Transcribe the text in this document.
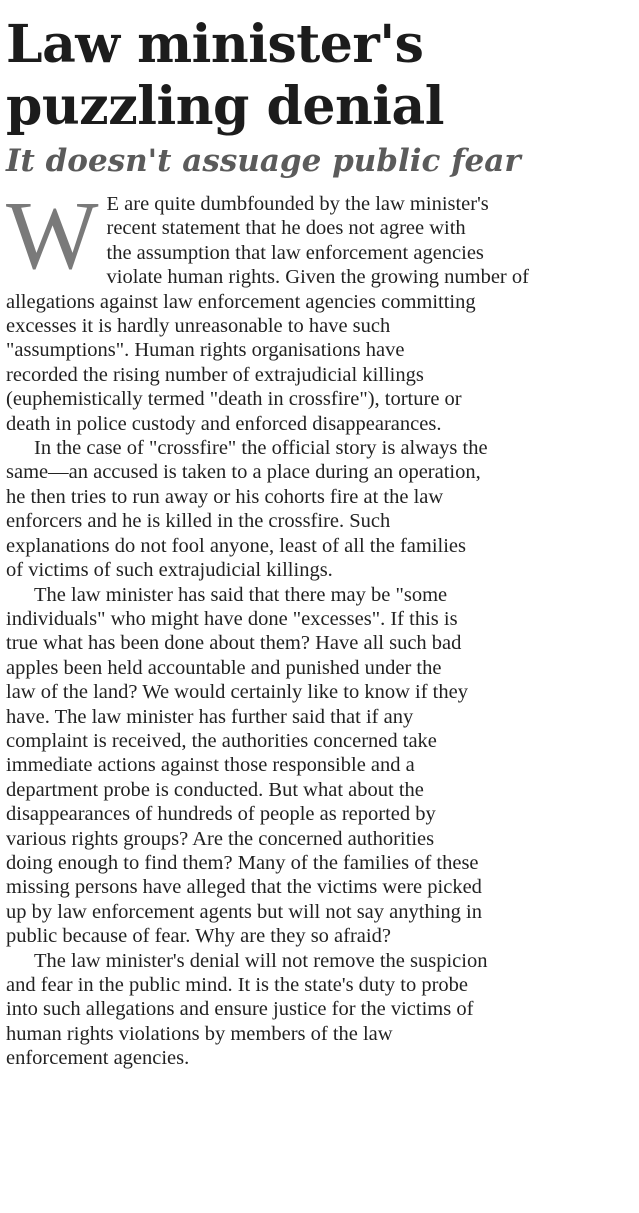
Law minister's
puzzling denial
It doesn't assuage public fear

W E are quite dumbfounded by the law minister's
recent statement that he does not agree with
the assumption that law enforcement agencies
violate human rights. Given the growing number of
allegations against law enforcement agencies committing
excesses it is hardly unreasonable to have such
"assumptions". Human rights organisations have
recorded the rising number of extrajudicial killings
(euphemistically termed "death in crossfire"), torture or
death in police custody and enforced disappearances.

In the case of "crossfire" the official story is always the
same—an accused is taken to a place during an operation,
he then tries to run away or his cohorts fire at the law
enforcers and he is killed in the crossfire. Such
explanations do not fool anyone, least of all the families
of victims of such extrajudicial killings.

The law minister has said that there may be "some
individuals" who might have done "excesses". If this is
true what has been done about them? Have all such bad
apples been held accountable and punished under the
law of the land? We would certainly like to know if they
have. The law minister has further said that if any
complaint is received, the authorities concerned take
immediate actions against those responsible and a
department probe is conducted. But what about the
disappearances of hundreds of people as reported by
various rights groups? Are the concerned authorities
doing enough to find them? Many of the families of these
missing persons have alleged that the victims were picked
up by law enforcement agents but will not say anything in
public because of fear. Why are they so afraid?

The law minister's denial will not remove the suspicion
and fear in the public mind. It is the state's duty to probe
into such allegations and ensure justice for the victims of
human rights violations by members of the law
enforcement agencies.
